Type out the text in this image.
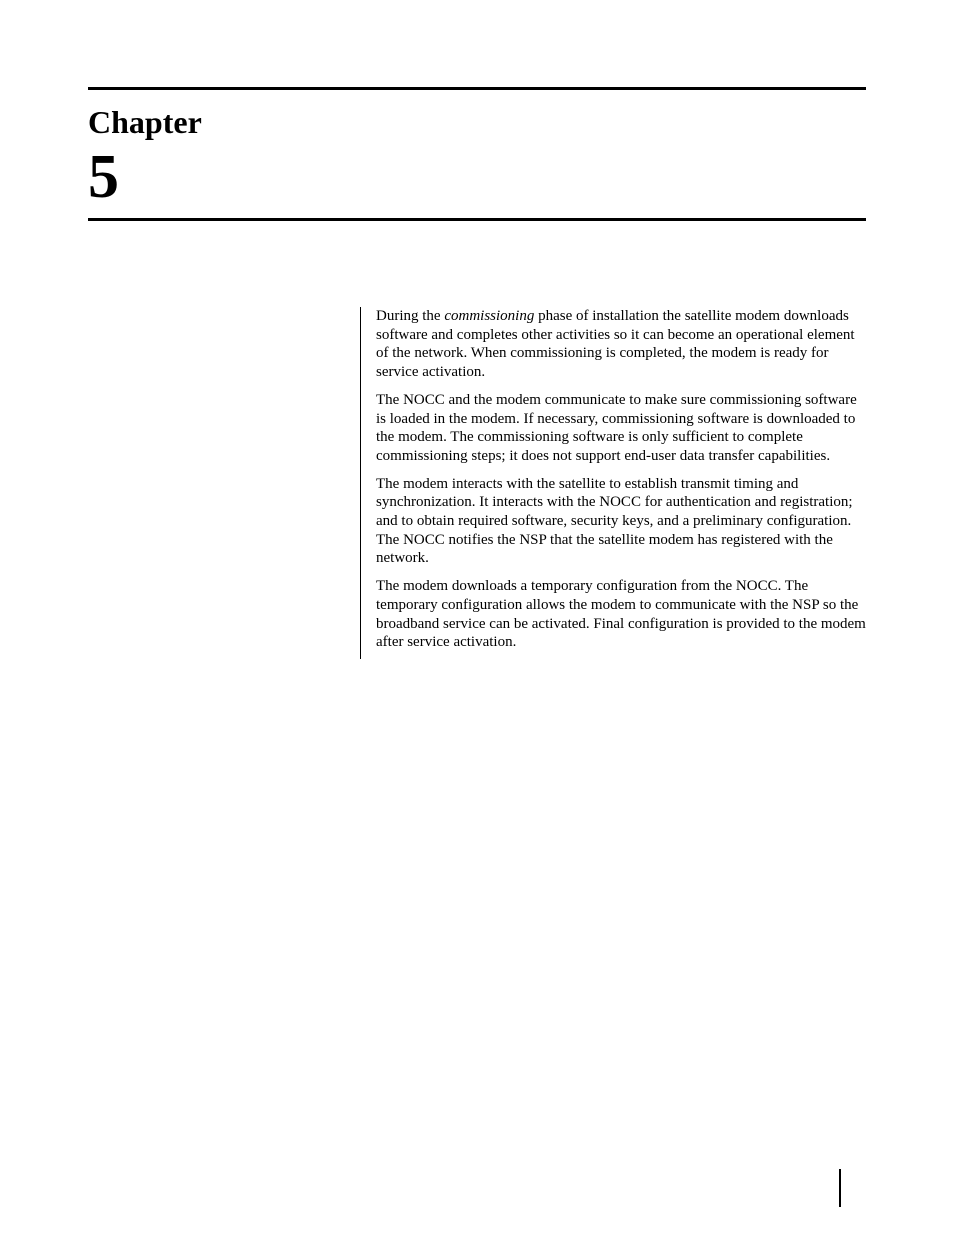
Chapter
5

During the commissioning phase of installation the satellite modem downloads software and completes other activities so it can become an operational element of the network. When commissioning is completed, the modem is ready for service activation.

The NOCC and the modem communicate to make sure commissioning software is loaded in the modem. If necessary, commissioning software is downloaded to the modem. The commissioning software is only sufficient to complete commissioning steps; it does not support end-user data transfer capabilities.

The modem interacts with the satellite to establish transmit timing and synchronization. It interacts with the NOCC for authentication and registration; and to obtain required software, security keys, and a preliminary configuration. The NOCC notifies the NSP that the satellite modem has registered with the network.

The modem downloads a temporary configuration from the NOCC. The temporary configuration allows the modem to communicate with the NSP so the broadband service can be activated. Final configuration is provided to the modem after service activation.
